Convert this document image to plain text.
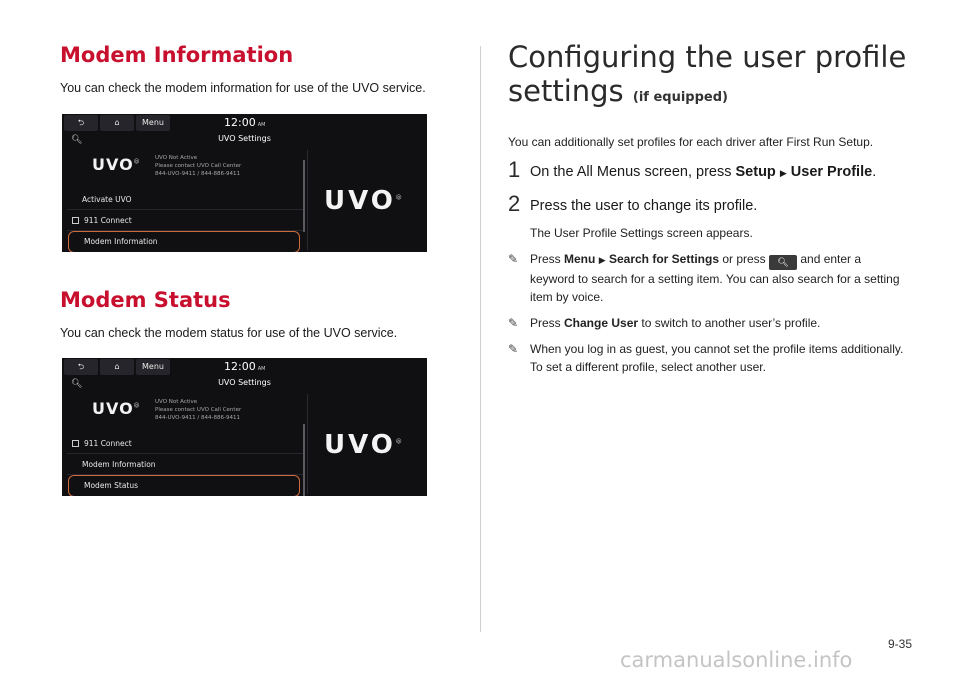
Modem Information

You can check the modem information for use of the UVO service.

⮌	⌂	Menu	12:00 AM
🔍︎	UVO Settings
UVO⦾	UVO Not Active
Please contact UVO Call Center
844-UVO-9411 / 844-886-9411
Activate UVO
911 Connect
Modem Information
UVO⦾
Modem Status

You can check the modem status for use of the UVO service.

⮌	⌂	Menu	12:00 AM
🔍︎	UVO Settings
UVO⦾	UVO Not Active
Please contact UVO Call Center
844-UVO-9411 / 844-886-9411
911 Connect
Modem Information
Modem Status
UVO⦾
Configuring the user profile
settings (if equipped)

You can additionally set profiles for each driver after First Run Setup.

1 On the All Menus screen, press Setup ▶ User Profile.
2 Press the user to change its profile.

The User Profile Settings screen appears.

✎ Press Menu ▶ Search for Settings or press 🔍︎ and enter a keyword to search for a setting item. You can also search for a setting item by voice.
✎ Press Change User to switch to another user’s profile.
✎ When you log in as guest, you cannot set the profile items additionally. To set a different profile, select another user.
9-35
carmanualsonline.info
